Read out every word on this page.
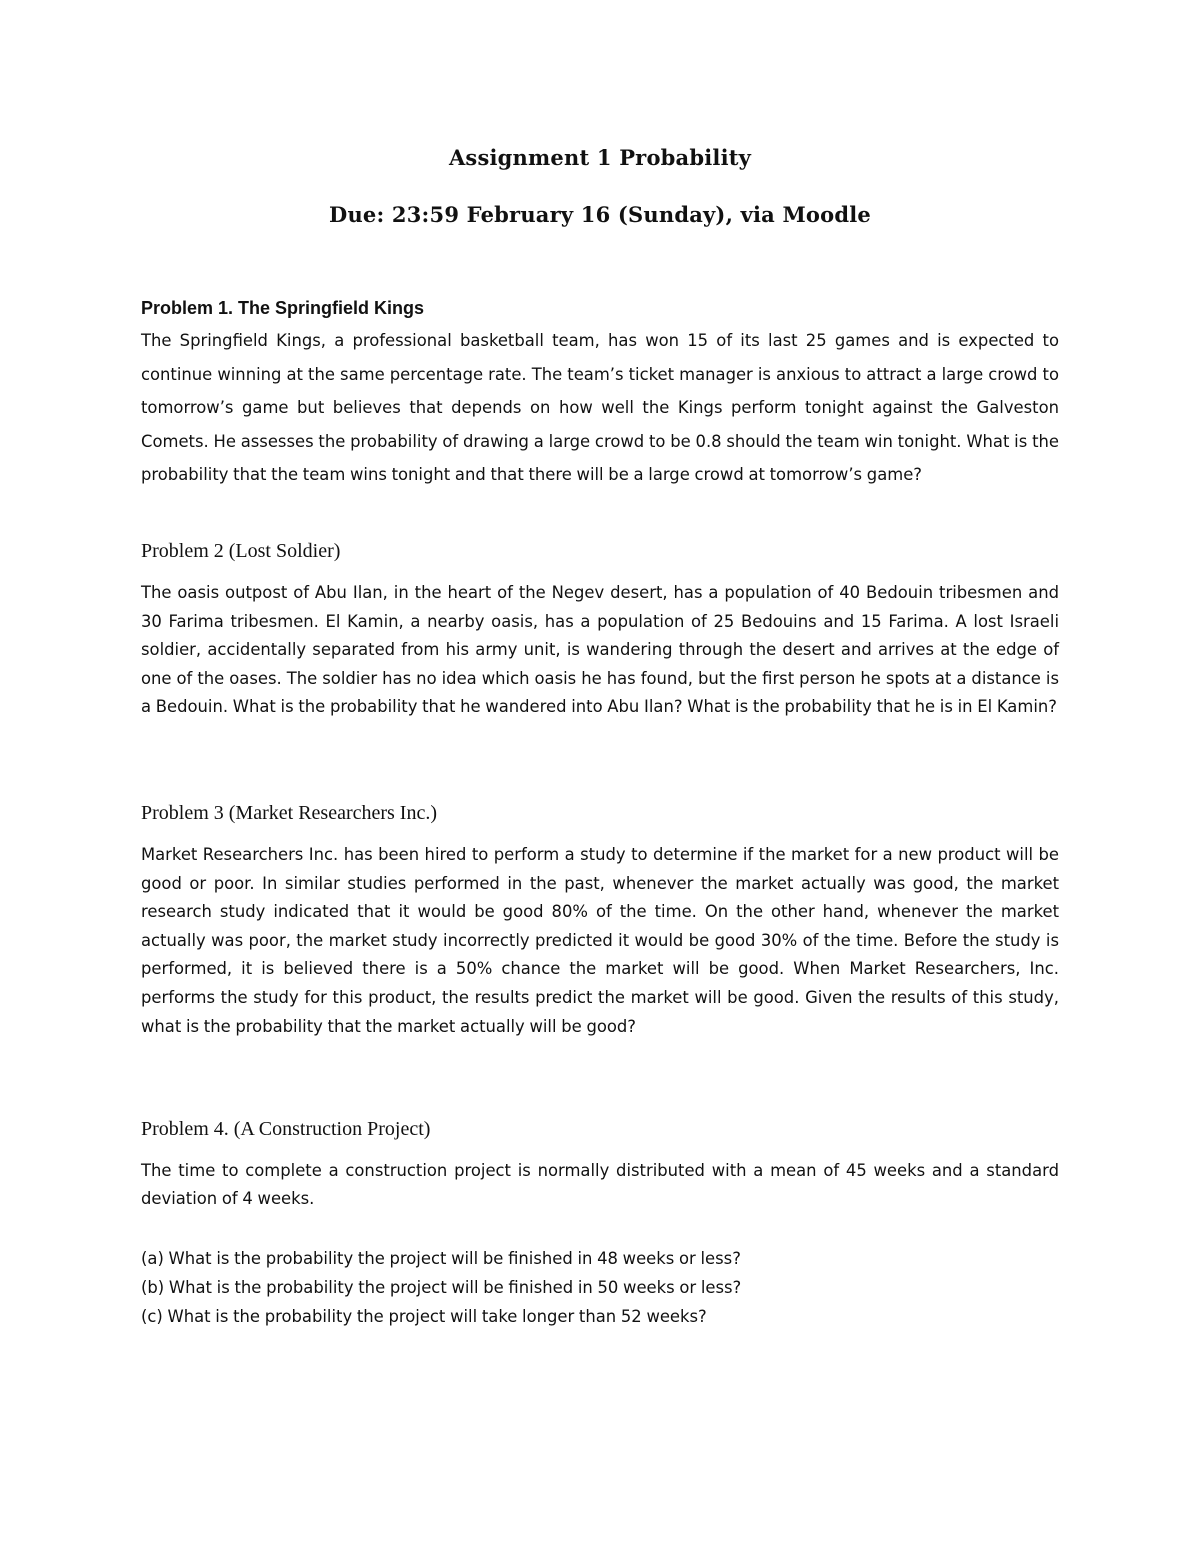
Assignment 1 Probability
Due: 23:59 February 16 (Sunday), via Moodle
Problem 1. The Springfield Kings

The Springfield Kings, a professional basketball team, has won 15 of its last 25 games and is expected to continue winning at the same percentage rate. The team’s ticket manager is anxious to attract a large crowd to tomorrow’s game but believes that depends on how well the Kings perform tonight against the Galveston Comets. He assesses the probability of drawing a large crowd to be 0.8 should the team win tonight. What is the probability that the team wins tonight and that there will be a large crowd at tomorrow’s game?

Problem 2 (Lost Soldier)

The oasis outpost of Abu Ilan, in the heart of the Negev desert, has a population of 40 Bedouin tribesmen and 30 Farima tribesmen. El Kamin, a nearby oasis, has a population of 25 Bedouins and 15 Farima. A lost Israeli soldier, accidentally separated from his army unit, is wandering through the desert and arrives at the edge of one of the oases. The soldier has no idea which oasis he has found, but the first person he spots at a distance is a Bedouin. What is the probability that he wandered into Abu Ilan? What is the probability that he is in El Kamin?

Problem 3 (Market Researchers Inc.)

Market Researchers Inc. has been hired to perform a study to determine if the market for a new product will be good or poor. In similar studies performed in the past, whenever the market actually was good, the market research study indicated that it would be good 80% of the time. On the other hand, whenever the market actually was poor, the market study incorrectly predicted it would be good 30% of the time. Before the study is performed, it is believed there is a 50% chance the market will be good. When Market Researchers, Inc. performs the study for this product, the results predict the market will be good. Given the results of this study, what is the probability that the market actually will be good?

Problem 4. (A Construction Project)

The time to complete a construction project is normally distributed with a mean of 45 weeks and a standard deviation of 4 weeks.

(a) What is the probability the project will be finished in 48 weeks or less?
(b) What is the probability the project will be finished in 50 weeks or less?
(c) What is the probability the project will take longer than 52 weeks?
